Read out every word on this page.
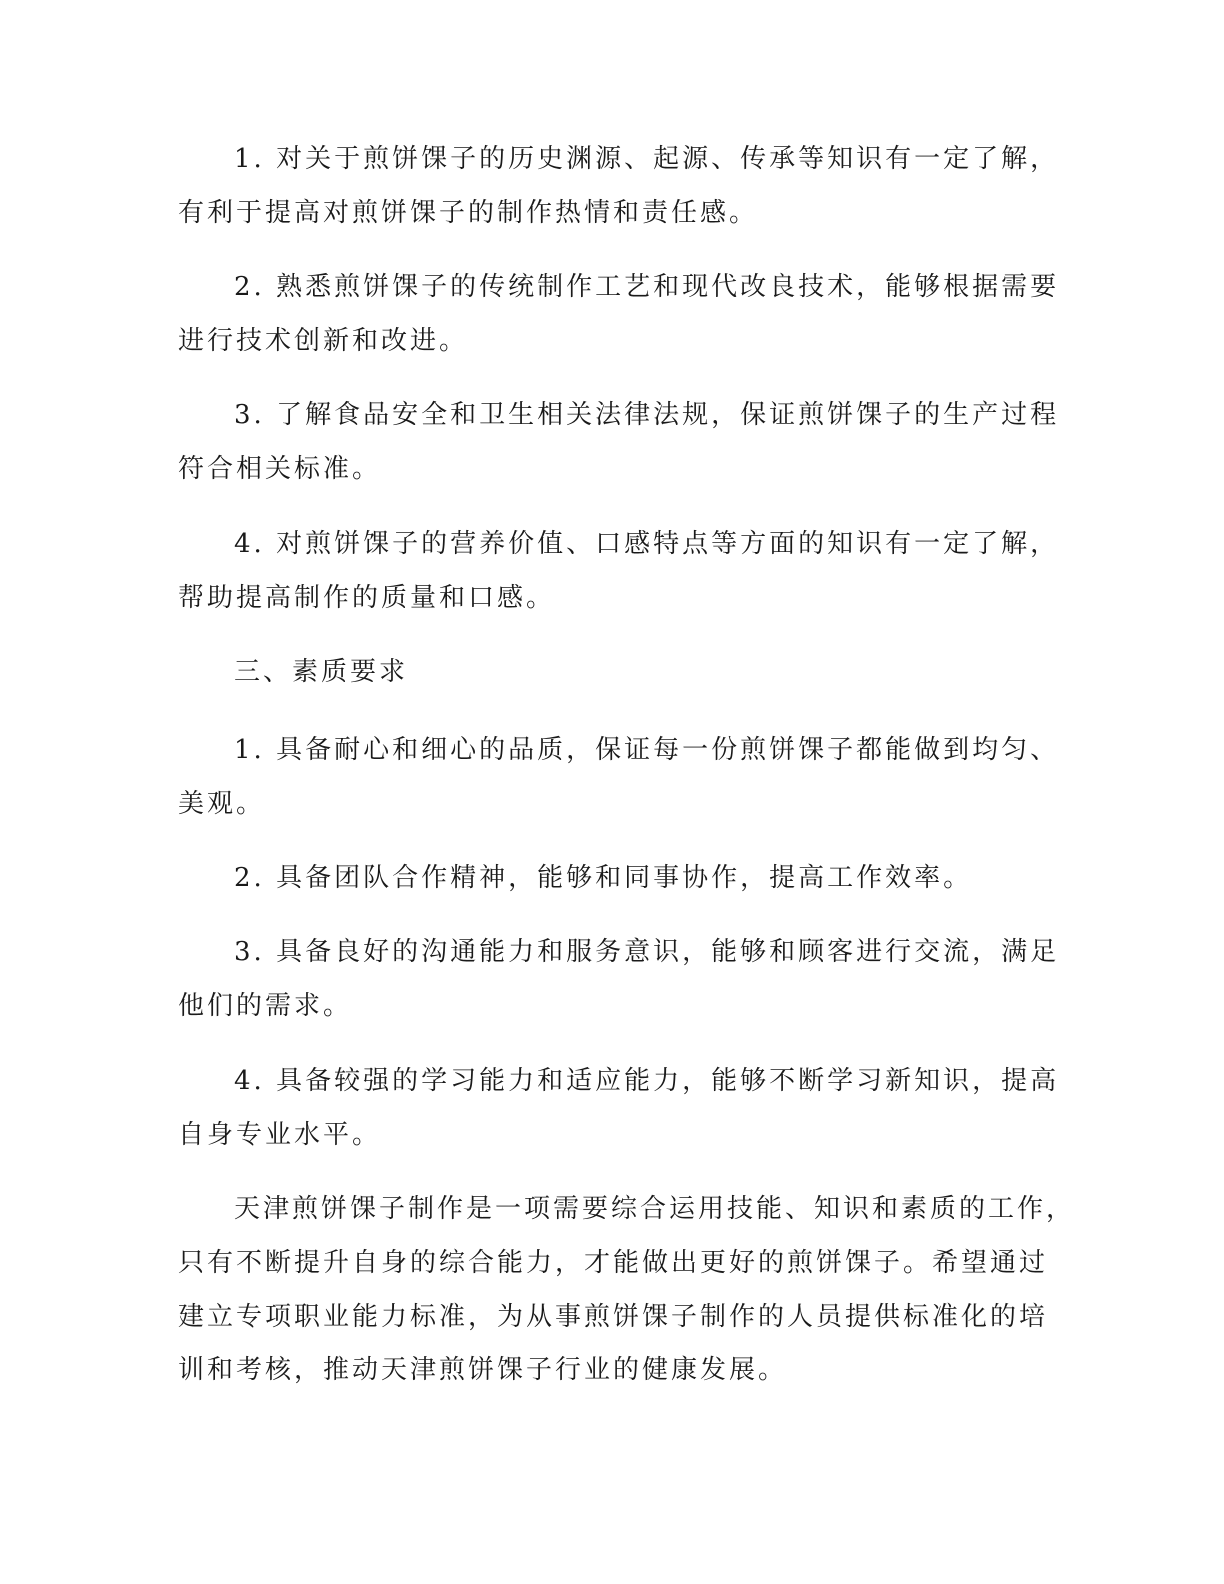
1. 对关于煎饼馃子的历史渊源、起源、传承等知识有一定了解，
有利于提高对煎饼馃子的制作热情和责任感。
2. 熟悉煎饼馃子的传统制作工艺和现代改良技术，能够根据需要
进行技术创新和改进。
3. 了解食品安全和卫生相关法律法规，保证煎饼馃子的生产过程
符合相关标准。
4. 对煎饼馃子的营养价值、口感特点等方面的知识有一定了解，
帮助提高制作的质量和口感。
三、素质要求
1. 具备耐心和细心的品质，保证每一份煎饼馃子都能做到均匀、
美观。
2. 具备团队合作精神，能够和同事协作，提高工作效率。
3. 具备良好的沟通能力和服务意识，能够和顾客进行交流，满足
他们的需求。
4. 具备较强的学习能力和适应能力，能够不断学习新知识，提高
自身专业水平。
天津煎饼馃子制作是一项需要综合运用技能、知识和素质的工作，
只有不断提升自身的综合能力，才能做出更好的煎饼馃子。希望通过
建立专项职业能力标准，为从事煎饼馃子制作的人员提供标准化的培
训和考核，推动天津煎饼馃子行业的健康发展。
